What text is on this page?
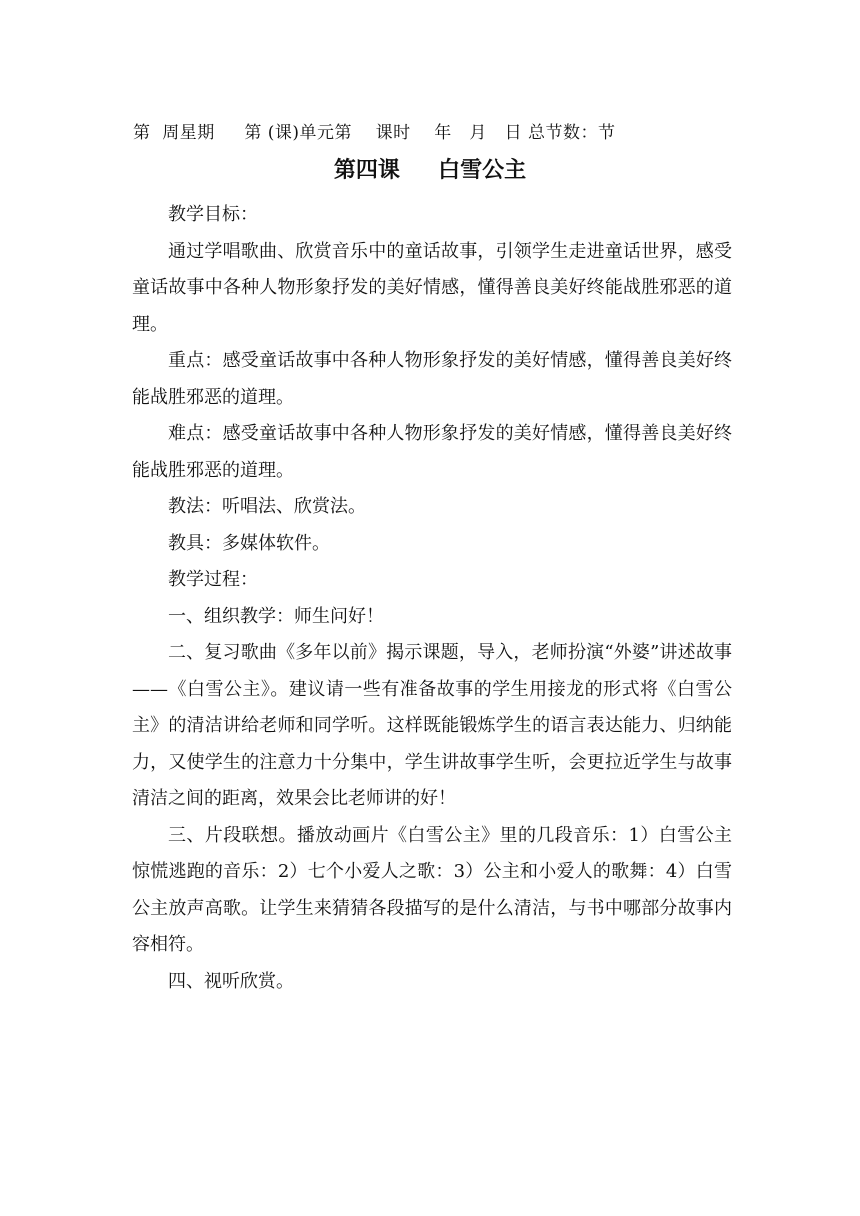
第  周星期     第 (课)单元第    课时    年   月   日 总节数：节
第四课     白雪公主

教学目标：

通过学唱歌曲、欣赏音乐中的童话故事，引领学生走进童话世界，感受童话故事中各种人物形象抒发的美好情感，懂得善良美好终能战胜邪恶的道理。

重点：感受童话故事中各种人物形象抒发的美好情感，懂得善良美好终能战胜邪恶的道理。

难点：感受童话故事中各种人物形象抒发的美好情感，懂得善良美好终能战胜邪恶的道理。

教法：听唱法、欣赏法。

教具：多媒体软件。

教学过程：

一、组织教学：师生问好！

二、复习歌曲《多年以前》揭示课题，导入，老师扮演“外婆”讲述故事——《白雪公主》。建议请一些有准备故事的学生用接龙的形式将《白雪公主》的清洁讲给老师和同学听。这样既能锻炼学生的语言表达能力、归纳能力，又使学生的注意力十分集中，学生讲故事学生听，会更拉近学生与故事清洁之间的距离，效果会比老师讲的好！

三、片段联想。播放动画片《白雪公主》里的几段音乐：1）白雪公主惊慌逃跑的音乐：2）七个小爱人之歌：3）公主和小爱人的歌舞：4）白雪公主放声高歌。让学生来猜猜各段描写的是什么清洁，与书中哪部分故事内容相符。

四、视听欣赏。
